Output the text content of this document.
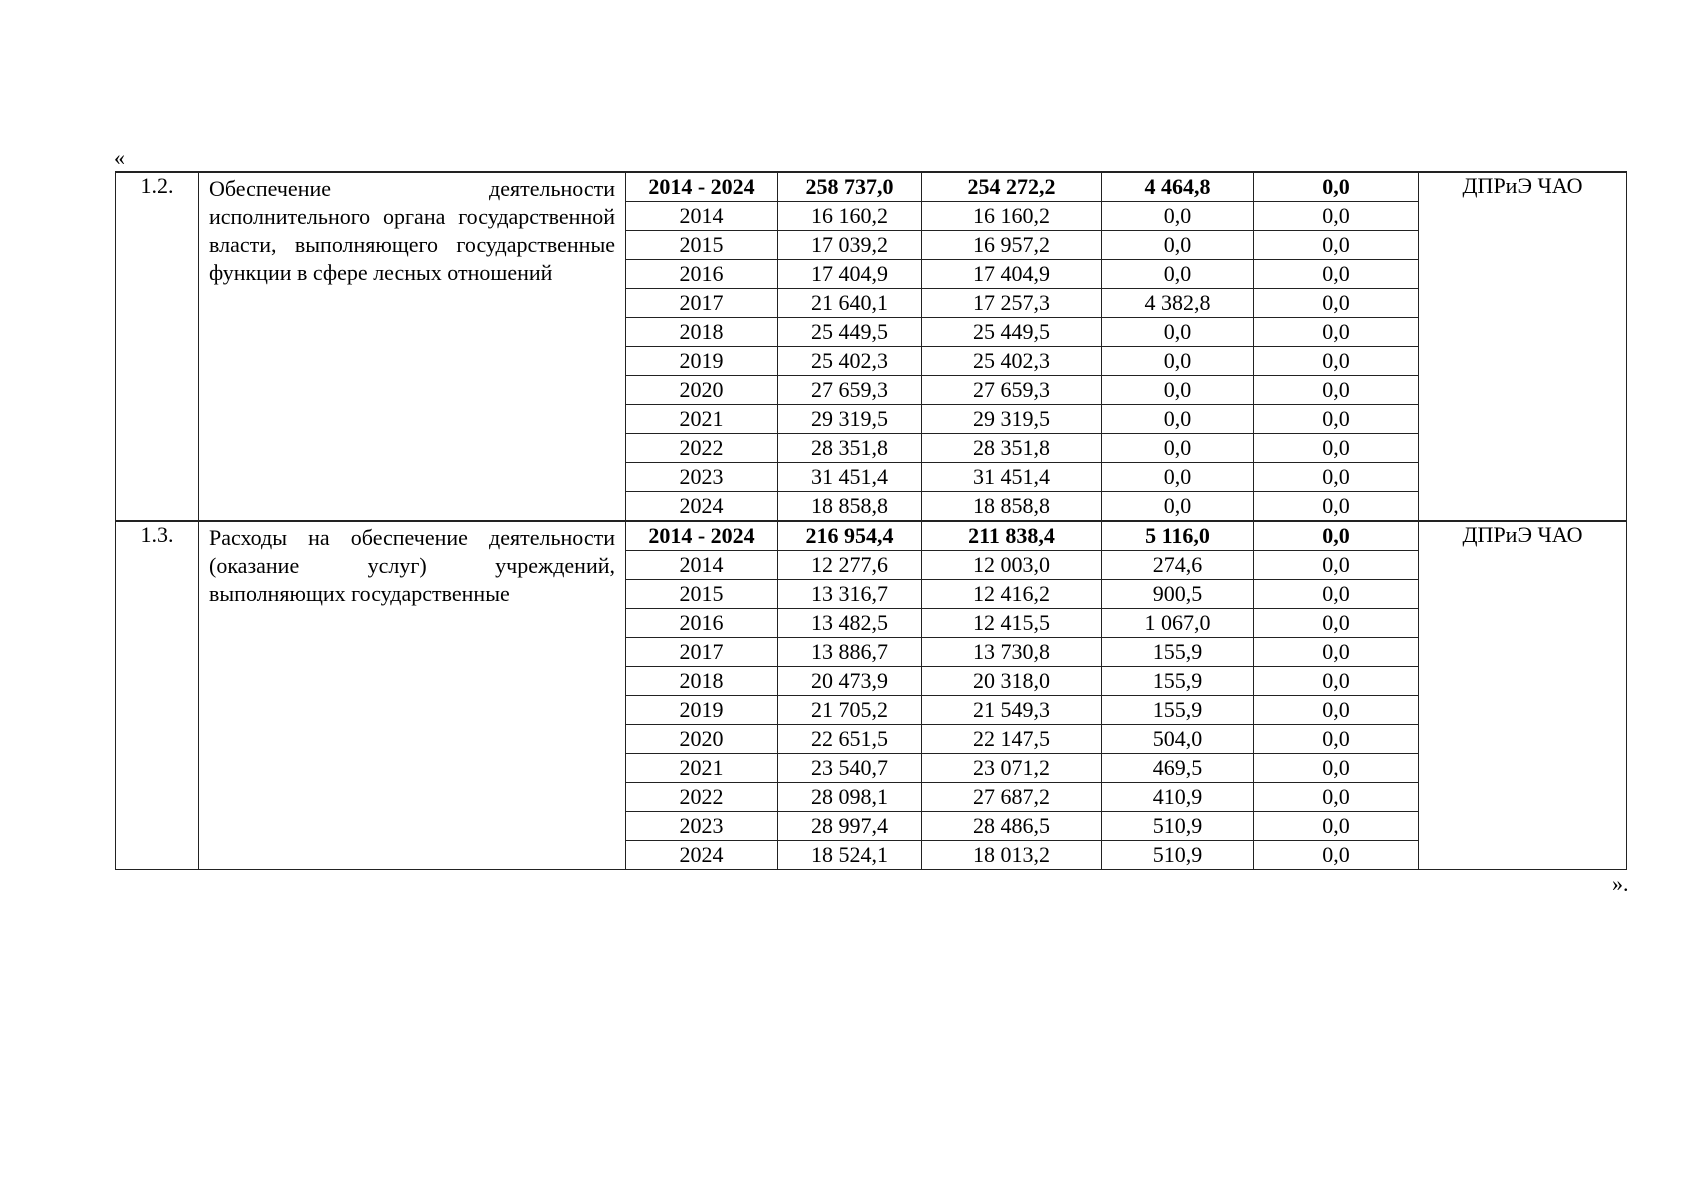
«
1.2.	Обеспечение деятельности исполнительного органа государственной власти, выполняющего государственные функции в сфере лесных отношений	2014 - 2024	258 737,0	254 272,2	4 464,8	0,0	ДПРиЭ ЧАО
		2014	16 160,2	16 160,2	0,0	0,0	
		2015	17 039,2	16 957,2	0,0	0,0	
		2016	17 404,9	17 404,9	0,0	0,0	
		2017	21 640,1	17 257,3	4 382,8	0,0	
		2018	25 449,5	25 449,5	0,0	0,0	
		2019	25 402,3	25 402,3	0,0	0,0	
		2020	27 659,3	27 659,3	0,0	0,0	
		2021	29 319,5	29 319,5	0,0	0,0	
		2022	28 351,8	28 351,8	0,0	0,0	
		2023	31 451,4	31 451,4	0,0	0,0	
		2024	18 858,8	18 858,8	0,0	0,0	
1.3.	Расходы на обеспечение деятельности (оказание услуг) учреждений, выполняющих государственные	2014 - 2024	216 954,4	211 838,4	5 116,0	0,0	ДПРиЭ ЧАО
		2014	12 277,6	12 003,0	274,6	0,0	
		2015	13 316,7	12 416,2	900,5	0,0	
		2016	13 482,5	12 415,5	1 067,0	0,0	
		2017	13 886,7	13 730,8	155,9	0,0	
		2018	20 473,9	20 318,0	155,9	0,0	
		2019	21 705,2	21 549,3	155,9	0,0	
		2020	22 651,5	22 147,5	504,0	0,0	
		2021	23 540,7	23 071,2	469,5	0,0	
		2022	28 098,1	27 687,2	410,9	0,0	
		2023	28 997,4	28 486,5	510,9	0,0	
		2024	18 524,1	18 013,2	510,9	0,0	
».
